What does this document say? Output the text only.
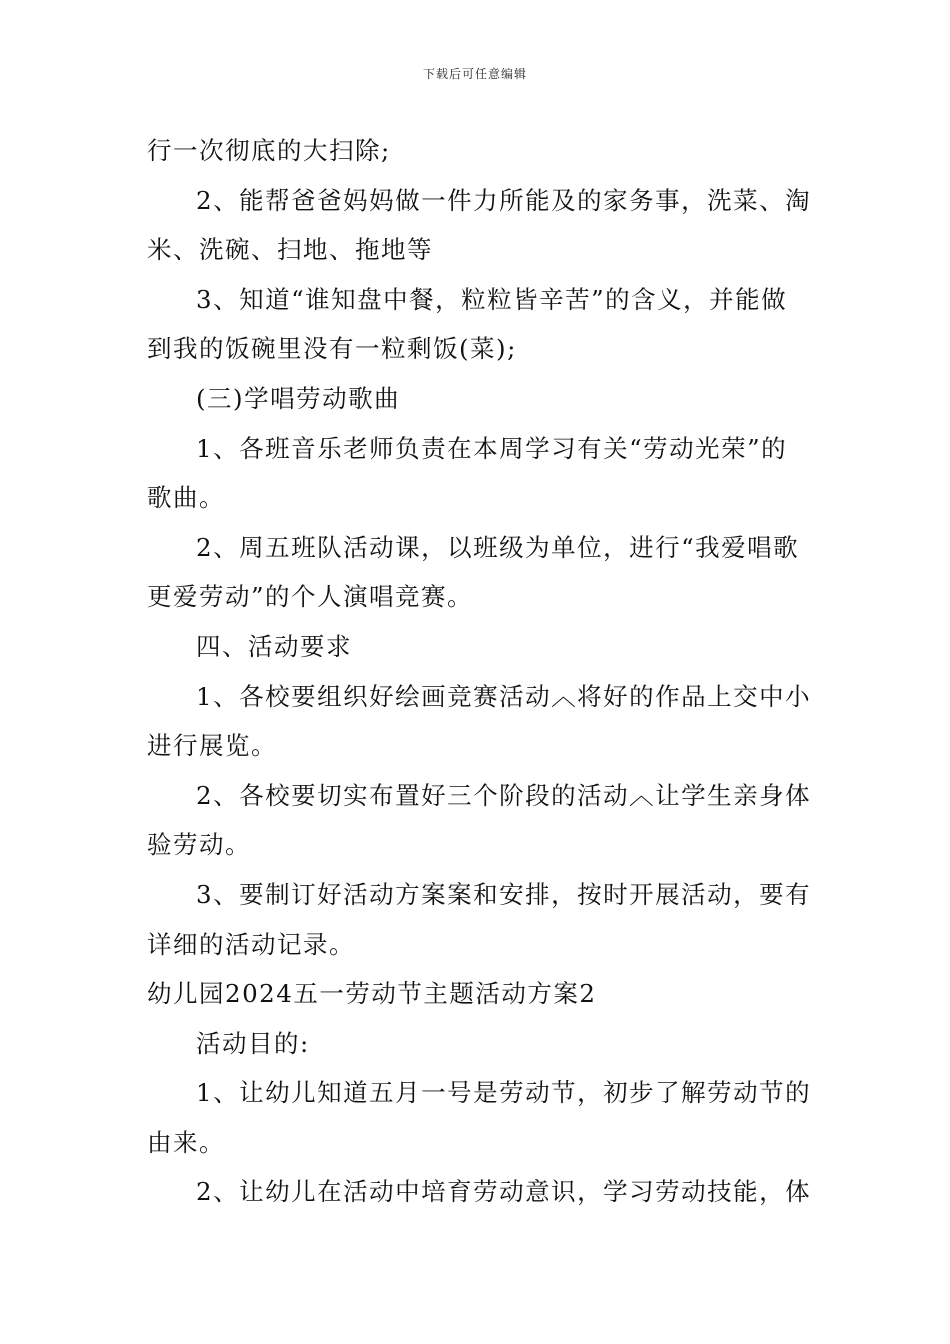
下载后可任意编辑
行一次彻底的大扫除;
2、能帮爸爸妈妈做一件力所能及的家务事，洗菜、淘
米、洗碗、扫地、拖地等
3、知道“谁知盘中餐，粒粒皆辛苦”的含义，并能做
到我的饭碗里没有一粒剩饭(菜);
(三)学唱劳动歌曲
1、各班音乐老师负责在本周学习有关“劳动光荣”的
歌曲。
2、周五班队活动课，以班级为单位，进行“我爱唱歌
更爱劳动”的个人演唱竞赛。
四、活动要求
1、各校要组织好绘画竞赛活动︿将好的作品上交中小
进行展览。
2、各校要切实布置好三个阶段的活动︿让学生亲身体
验劳动。
3、要制订好活动方案案和安排，按时开展活动，要有
详细的活动记录。
幼儿园2024五一劳动节主题活动方案2
活动目的:
1、让幼儿知道五月一号是劳动节，初步了解劳动节的
由来。
2、让幼儿在活动中培育劳动意识，学习劳动技能，体
